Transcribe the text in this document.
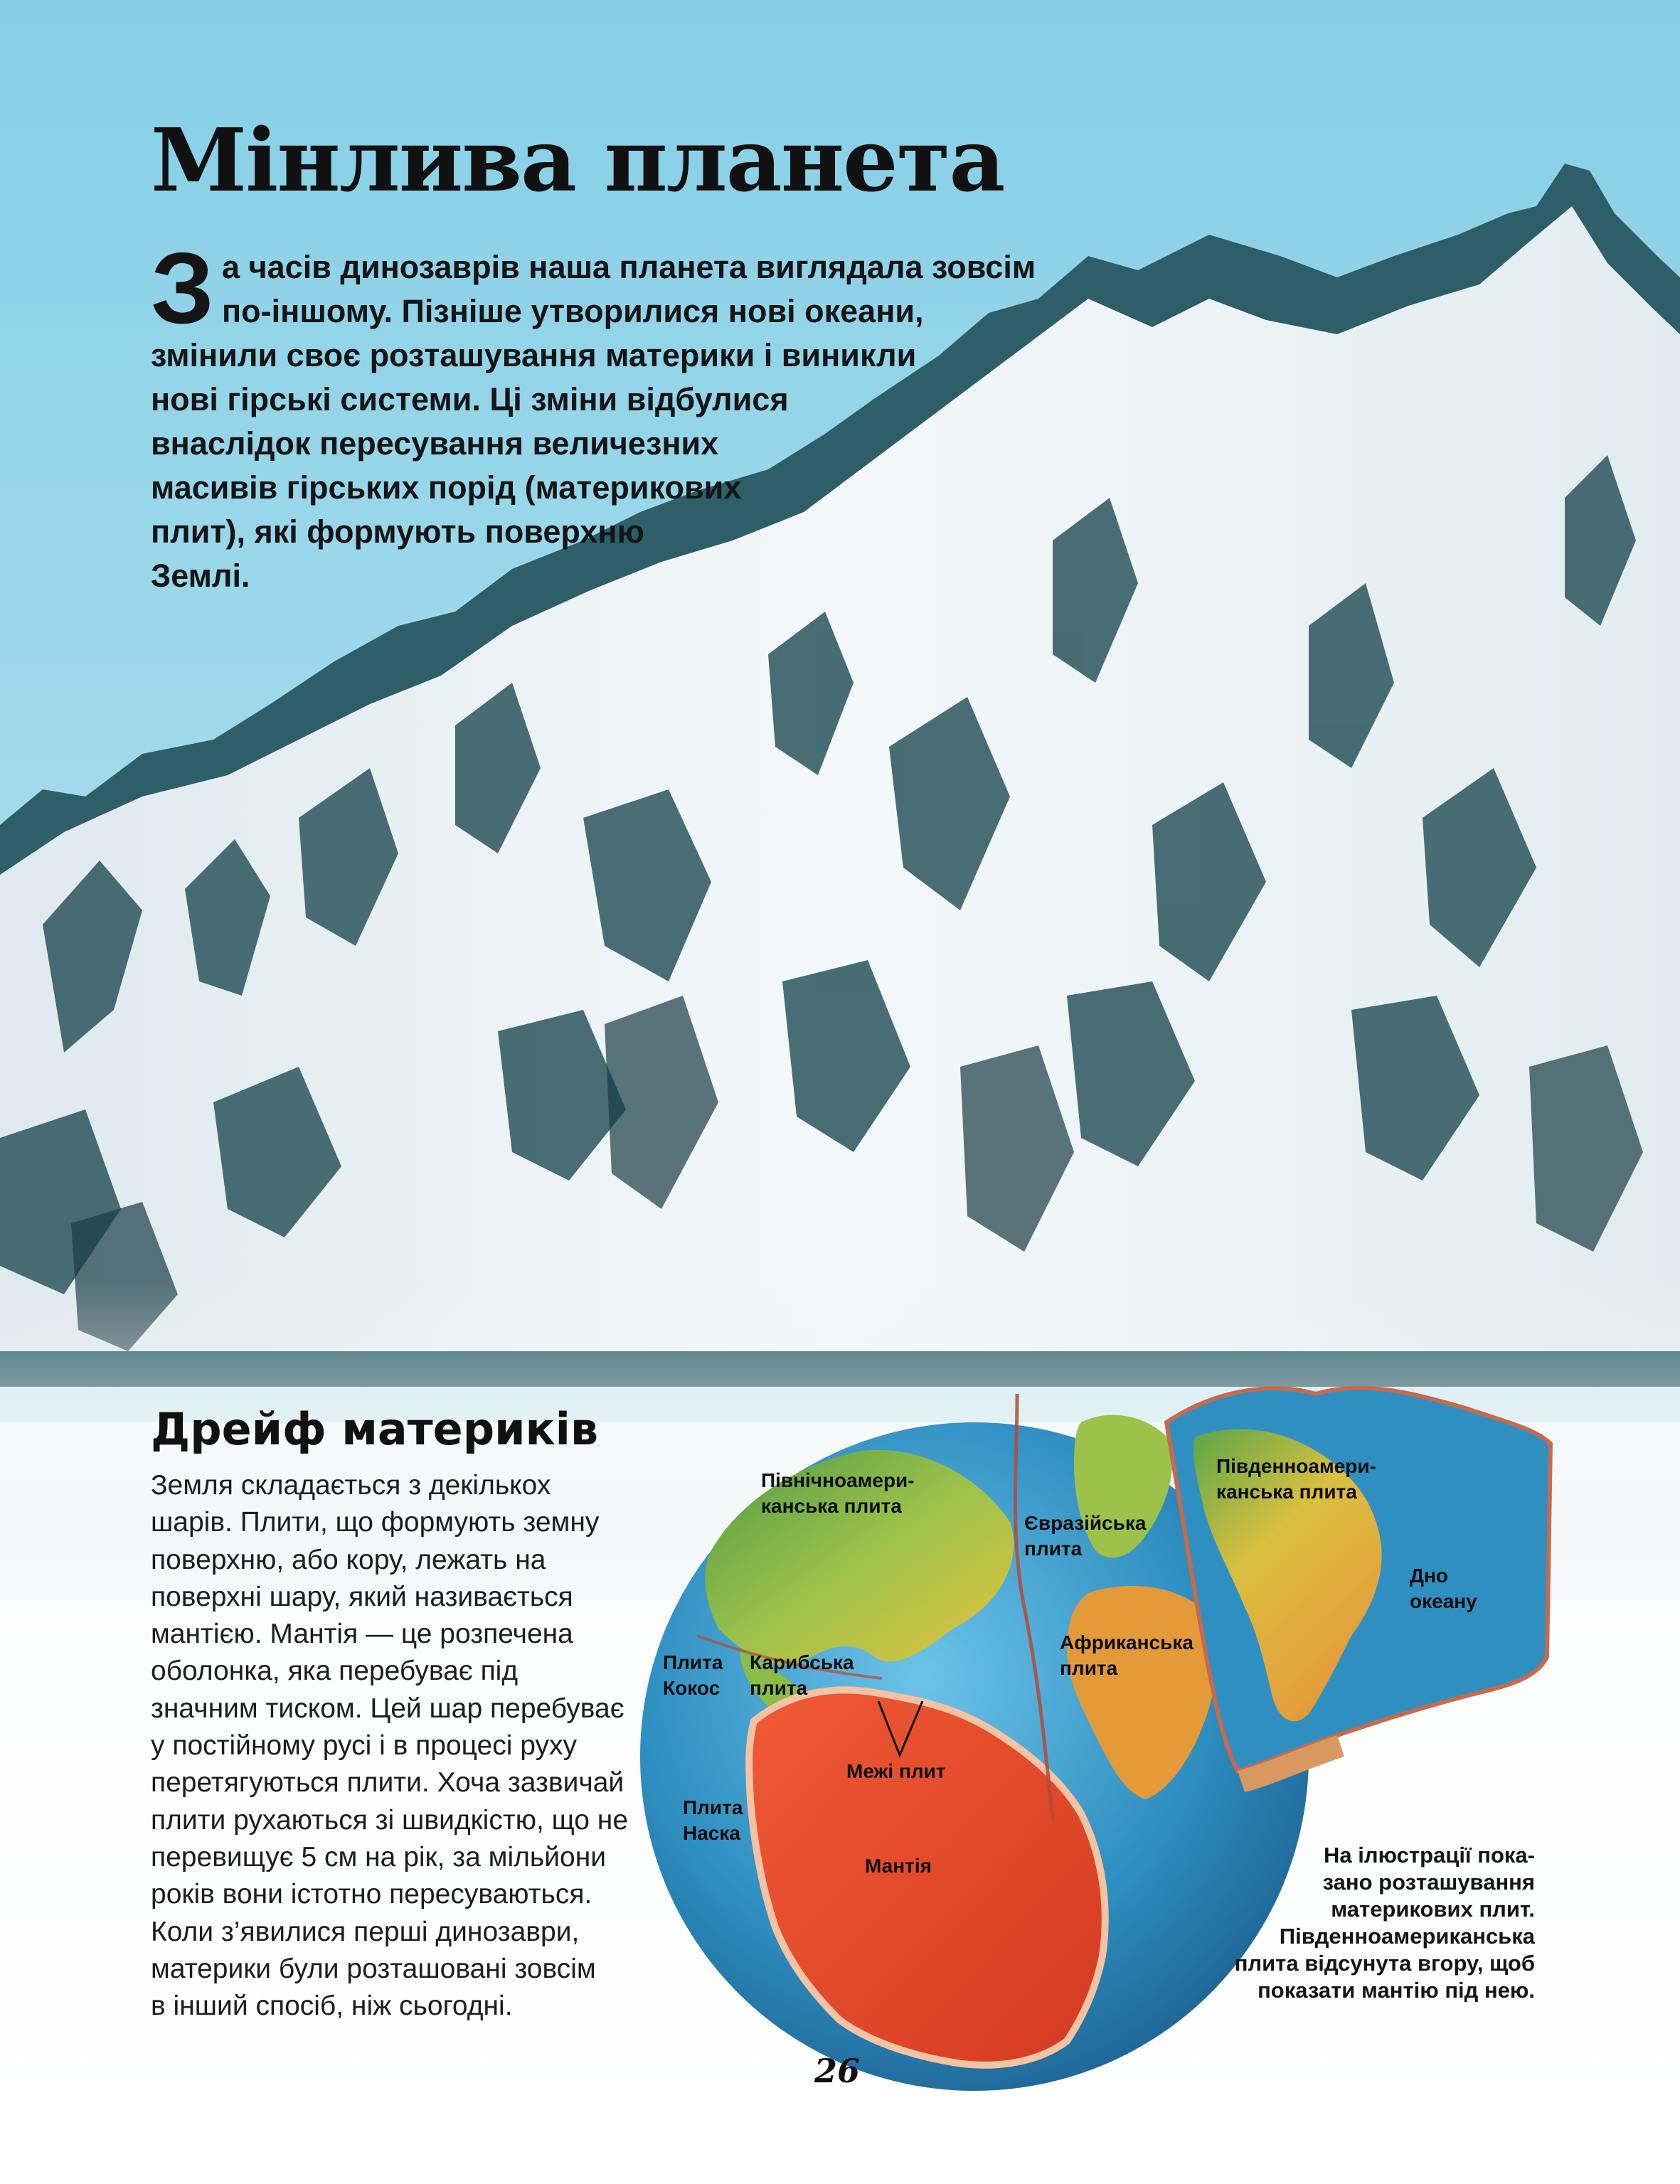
Мінлива планета
З а часів динозаврів наша планета виглядала зовсім
по-іншому. Пізніше утворилися нові океани,
змінили своє розташування материки і виникли
нові гірські системи. Ці зміни відбулися
внаслідок пересування величезних
масивів гірських порід (материкових
плит), які формують поверхню
Землі.
Дрейф материків
Земля складається з декількох
шарів. Плити, що формують земну
поверхню, або кору, лежать на
поверхні шару, який називається
мантією. Мантія — це розпечена
оболонка, яка перебуває під
значним тиском. Цей шар перебуває
у постійному русі і в процесі руху
перетягуються плити. Хоча зазвичай
плити рухаються зі швидкістю, що не
перевищує 5 см на рік, за мільйони
років вони істотно пересуваються.
Коли з’явилися перші динозаври,
материки були розташовані зовсім
в інший спосіб, ніж сьогодні.
Північноамери-
канська плита
Євразійська
плита
Південноамери-
канська плита
Дно
океану
Африканська
плита
Плита
Кокос
Карибська
плита
Межі плит
Плита
Наска
Мантія	На ілюстрації пока-
зано розташування
материкових плит.
Південноамериканська
плита відсунута вгору, щоб
показати мантію під нею.
26
